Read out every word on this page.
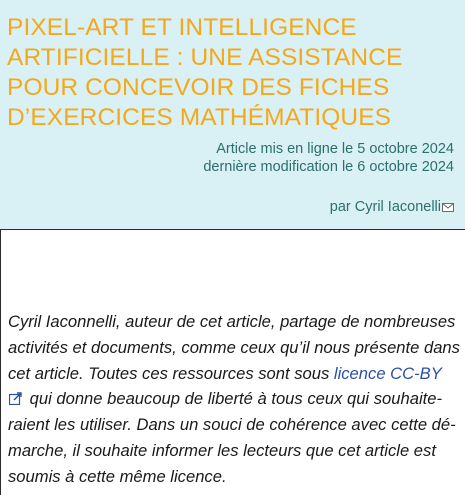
PIXEL-ART ET INTELLIGENCE ARTIFICIELLE : UNE ASSISTANCE POUR CONCEVOIR DES FICHES D’EXERCICES MATHÉMATIQUES
Article mis en ligne le 5 octobre 2024
dernière modification le 6 octobre 2024
par Cyril Iaconelli

Cyril Iaconnelli, auteur de cet article, partage de nombreuses activités et documents, comme ceux qu’il nous présente dans cet article. Toutes ces ressources sont sous licence CC-BY  qui donne beaucoup de liberté à tous ceux qui souhaiteraient les utiliser. Dans un souci de cohérence avec cette démarche, il souhaite informer les lecteurs que cet article est soumis à cette même licence.
